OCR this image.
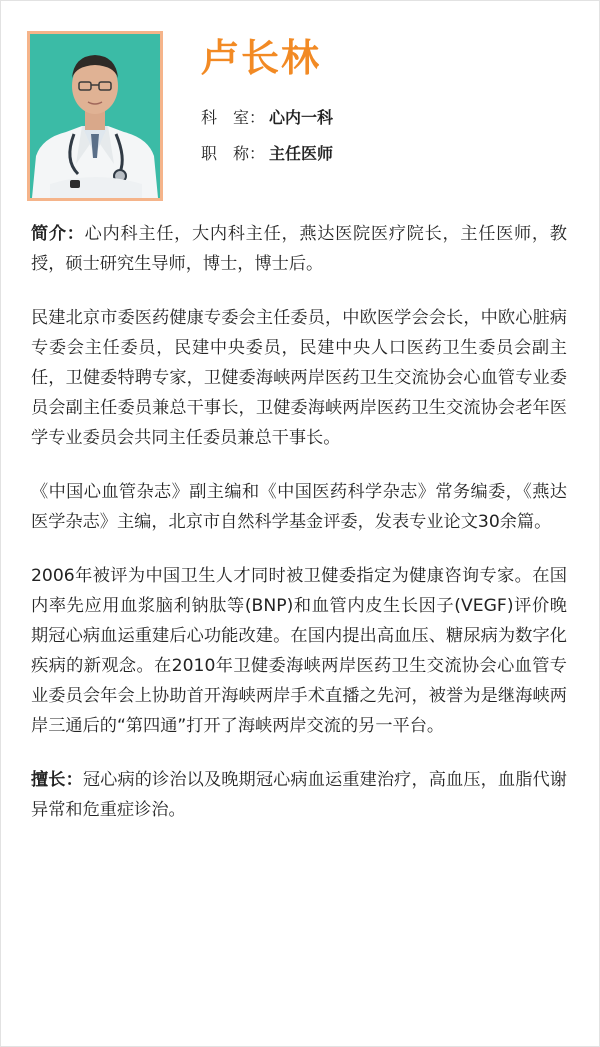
卢长林
科　室： 心内一科
职　称： 主任医师

简介：心内科主任，大内科主任，燕达医院医疗院长，主任医师，教授，硕士研究生导师，博士，博士后。

民建北京市委医药健康专委会主任委员，中欧医学会会长，中欧心脏病专委会主任委员，民建中央委员，民建中央人口医药卫生委员会副主任，卫健委特聘专家，卫健委海峡两岸医药卫生交流协会心血管专业委员会副主任委员兼总干事长，卫健委海峡两岸医药卫生交流协会老年医学专业委员会共同主任委员兼总干事长。

《中国心血管杂志》副主编和《中国医药科学杂志》常务编委，《燕达医学杂志》主编，北京市自然科学基金评委，发表专业论文30余篇。

2006年被评为中国卫生人才同时被卫健委指定为健康咨询专家。在国内率先应用血浆脑利钠肽等(BNP)和血管内皮生长因子(VEGF)评价晚期冠心病血运重建后心功能改建。在国内提出高血压、糖尿病为数字化疾病的新观念。在2010年卫健委海峡两岸医药卫生交流协会心血管专业委员会年会上协助首开海峡两岸手术直播之先河，被誉为是继海峡两岸三通后的“第四通”打开了海峡两岸交流的另一平台。

擅长：冠心病的诊治以及晚期冠心病血运重建治疗，高血压，血脂代谢异常和危重症诊治。
